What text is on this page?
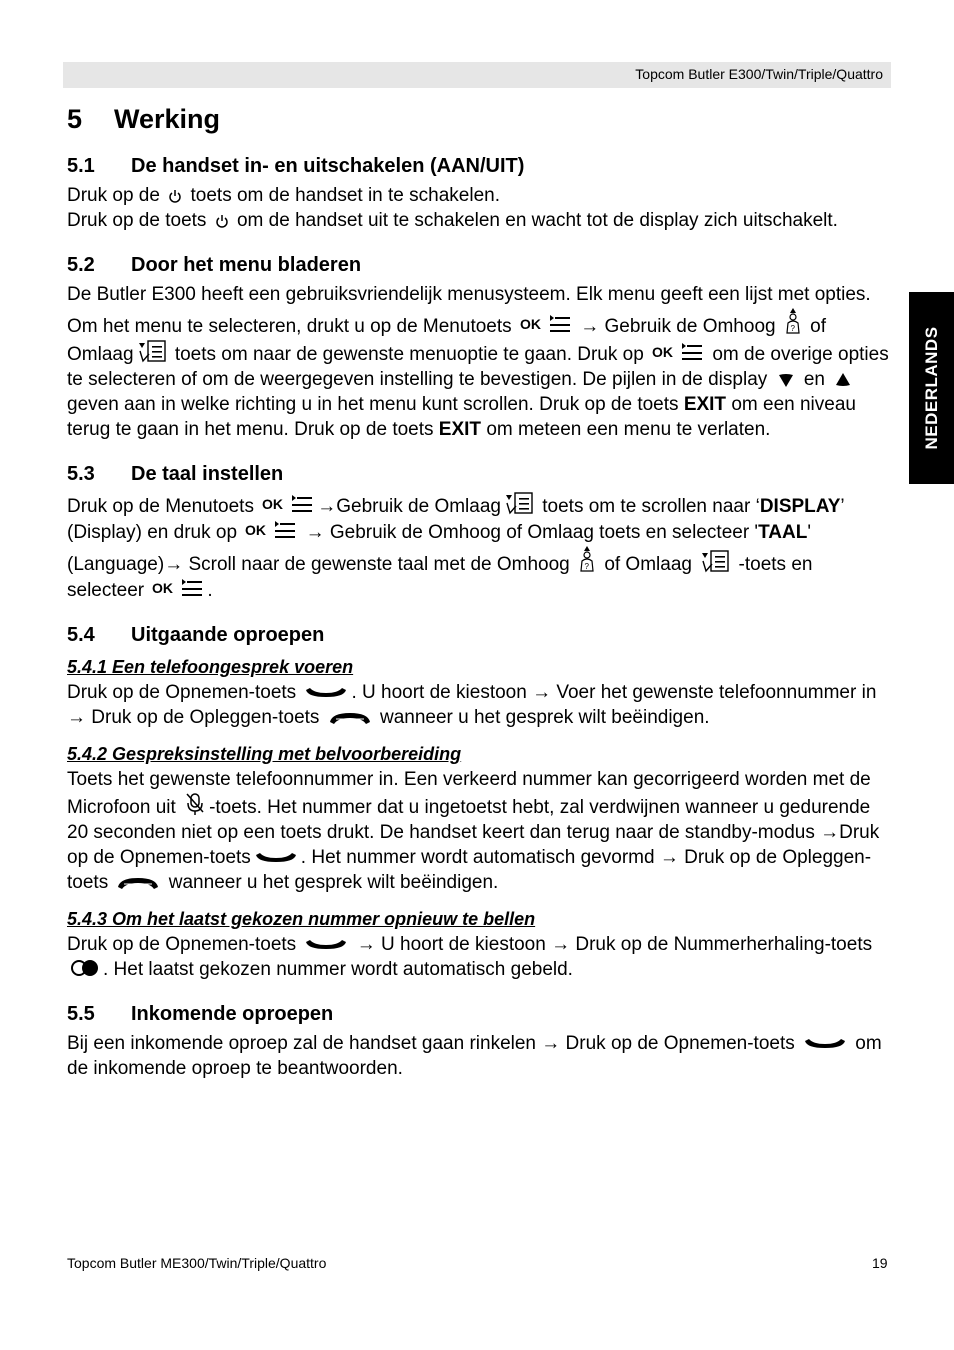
Topcom Butler E300/Twin/Triple/Quattro
NEDERLANDS
5 Werking
5.1 De handset in- en uitschakelen (AAN/UIT)

Druk op de toets om de handset in te schakelen.
Druk op de toets om de handset uit te schakelen en wacht tot de display zich uitschakelt.

5.2 Door het menu bladeren

De Butler E300 heeft een gebruiksvriendelijk menusysteem. Elk menu geeft een lijst met opties. Om het menu te selecteren, drukt u op de Menutoets OK → Gebruik de Omhoog ? of Omlaag toets om naar de gewenste menuoptie te gaan. Druk op OK om de overige opties te selecteren of om de weergegeven instelling te bevestigen. De pijlen in de display en
geven aan in welke richting u in het menu kunt scrollen. Druk op de toets EXIT om een niveau terug te gaan in het menu. Druk op de toets EXIT om meteen een menu te verlaten.

5.3 De taal instellen

Druk op de Menutoets OK →Gebruik de Omlaag toets om te scrollen naar ‘DISPLAY’ (Display) en druk op OK → Gebruik de Omhoog of Omlaag toets en selecteer 'TAAL' (Language)→ Scroll naar de gewenste taal met de Omhoog ? of Omlaag -toets en selecteer OK .

5.4 Uitgaande oproepen
5.4.1 Een telefoongesprek voeren

Druk op de Opnemen-toets	. U hoort de kiestoon → Voer het gewenste telefoonnummer in → Druk op de Opleggen-toets	wanneer u het gesprek wilt beëindigen.

5.4.2 Gespreksinstelling met belvoorbereiding

Toets het gewenste telefoonnummer in. Een verkeerd nummer kan gecorrigeerd worden met de Microfoon uit -toets. Het nummer dat u ingetoetst hebt, zal verdwijnen wanneer u gedurende 20 seconden niet op een toets drukt. De handset keert dan terug naar de standby-modus →Druk op de Opnemen-toets	. Het nummer wordt automatisch gevormd → Druk op de Opleggen-toets	wanneer u het gesprek wilt beëindigen.

5.4.3 Om het laatst gekozen nummer opnieuw te bellen

Druk op de Opnemen-toets	→ U hoort de kiestoon → Druk op de Nummerherhaling-toets
. Het laatst gekozen nummer wordt automatisch gebeld.

5.5 Inkomende oproepen

Bij een inkomende oproep zal de handset gaan rinkelen → Druk op de Opnemen-toets	om de inkomende oproep te beantwoorden.

Topcom Butler ME300/Twin/Triple/Quattro	19
